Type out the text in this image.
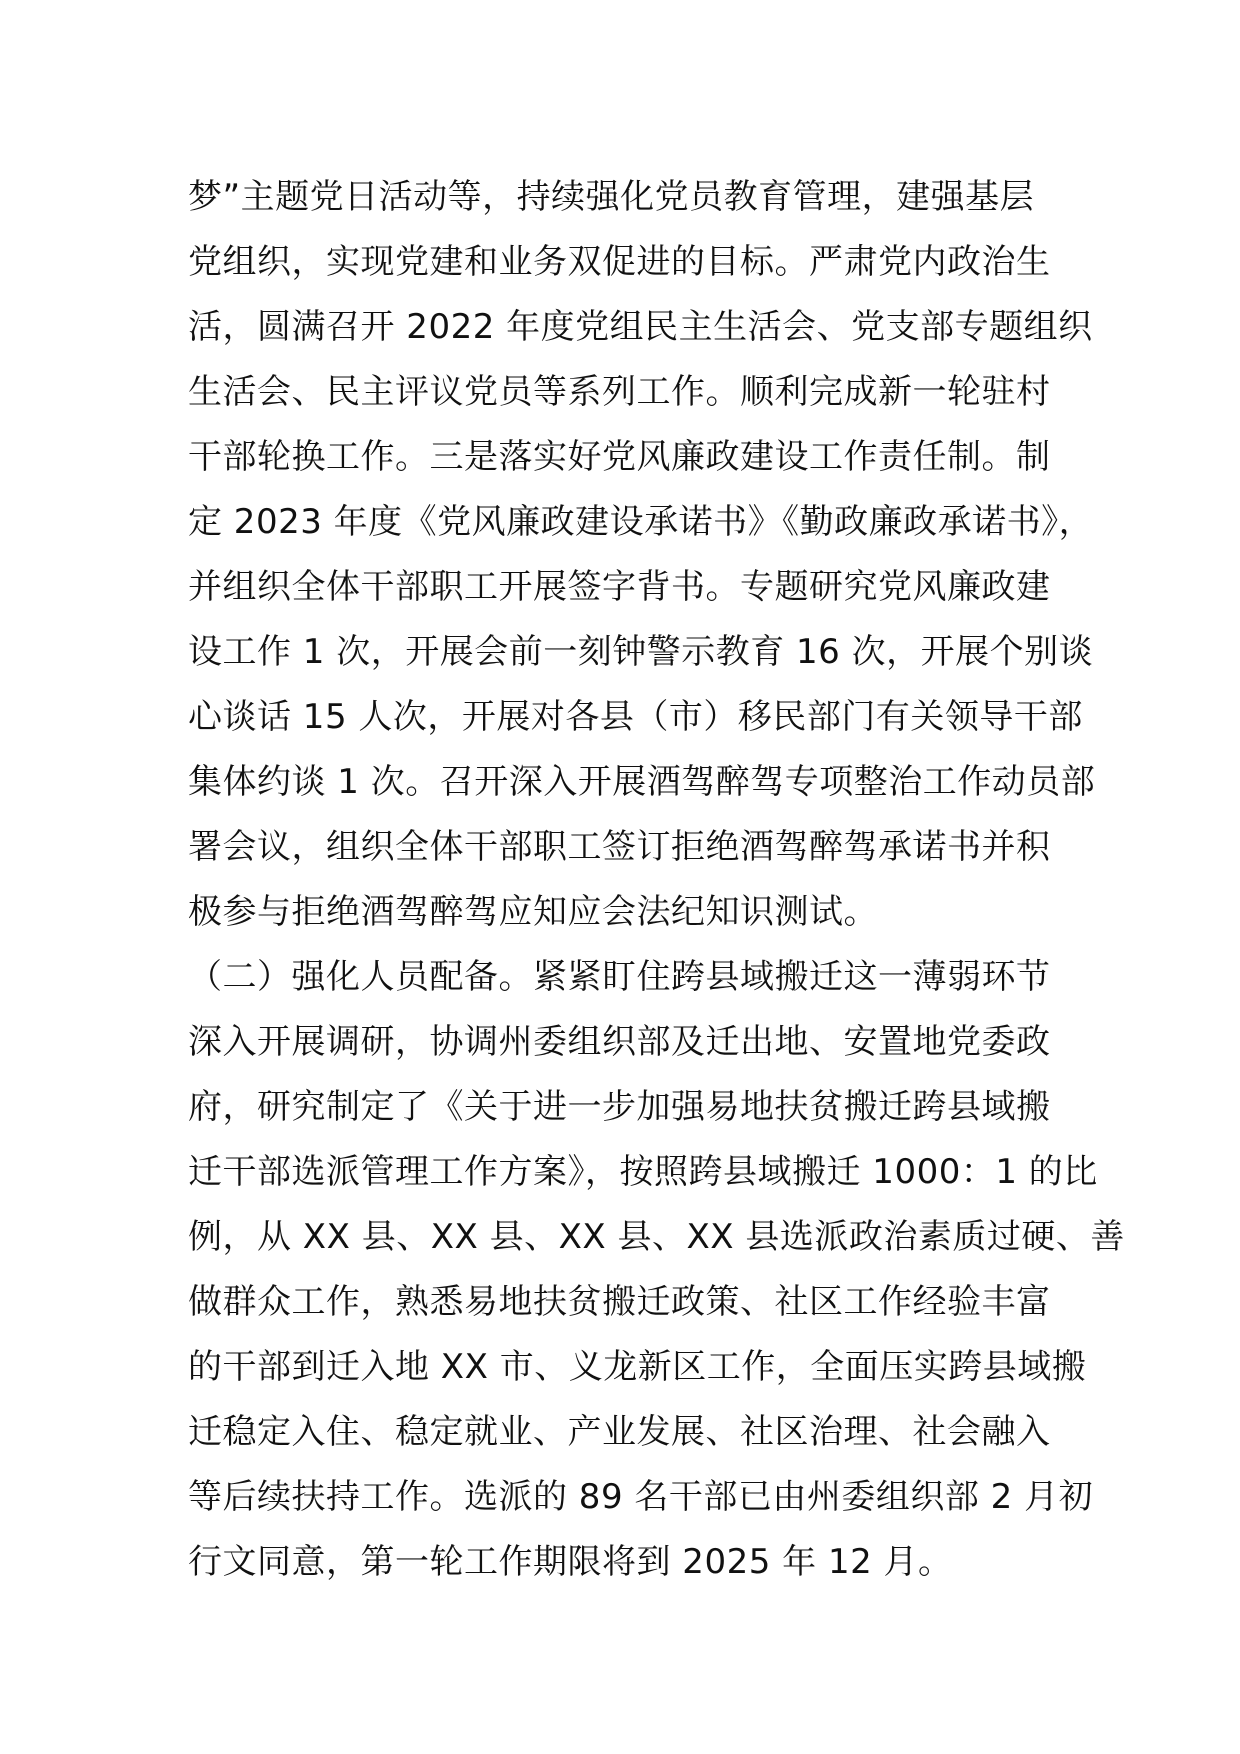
梦”主题党日活动等，持续强化党员教育管理，建强基层
党组织，实现党建和业务双促进的目标。严肃党内政治生
活，圆满召开 2022 年度党组民主生活会、党支部专题组织
生活会、民主评议党员等系列工作。顺利完成新一轮驻村
干部轮换工作。三是落实好党风廉政建设工作责任制。制
定 2023 年度《党风廉政建设承诺书》《勤政廉政承诺书》，
并组织全体干部职工开展签字背书。专题研究党风廉政建
设工作 1 次，开展会前一刻钟警示教育 16 次，开展个别谈
心谈话 15 人次，开展对各县（市）移民部门有关领导干部
集体约谈 1 次。召开深入开展酒驾醉驾专项整治工作动员部
署会议，组织全体干部职工签订拒绝酒驾醉驾承诺书并积
极参与拒绝酒驾醉驾应知应会法纪知识测试。
（二）强化人员配备。紧紧盯住跨县域搬迁这一薄弱环节
深入开展调研，协调州委组织部及迁出地、安置地党委政
府，研究制定了《关于进一步加强易地扶贫搬迁跨县域搬
迁干部选派管理工作方案》，按照跨县域搬迁 1000：1 的比
例，从 XX 县、XX 县、XX 县、XX 县选派政治素质过硬、善
做群众工作，熟悉易地扶贫搬迁政策、社区工作经验丰富
的干部到迁入地 XX 市、义龙新区工作，全面压实跨县域搬
迁稳定入住、稳定就业、产业发展、社区治理、社会融入
等后续扶持工作。选派的 89 名干部已由州委组织部 2 月初
行文同意，第一轮工作期限将到 2025 年 12 月。
